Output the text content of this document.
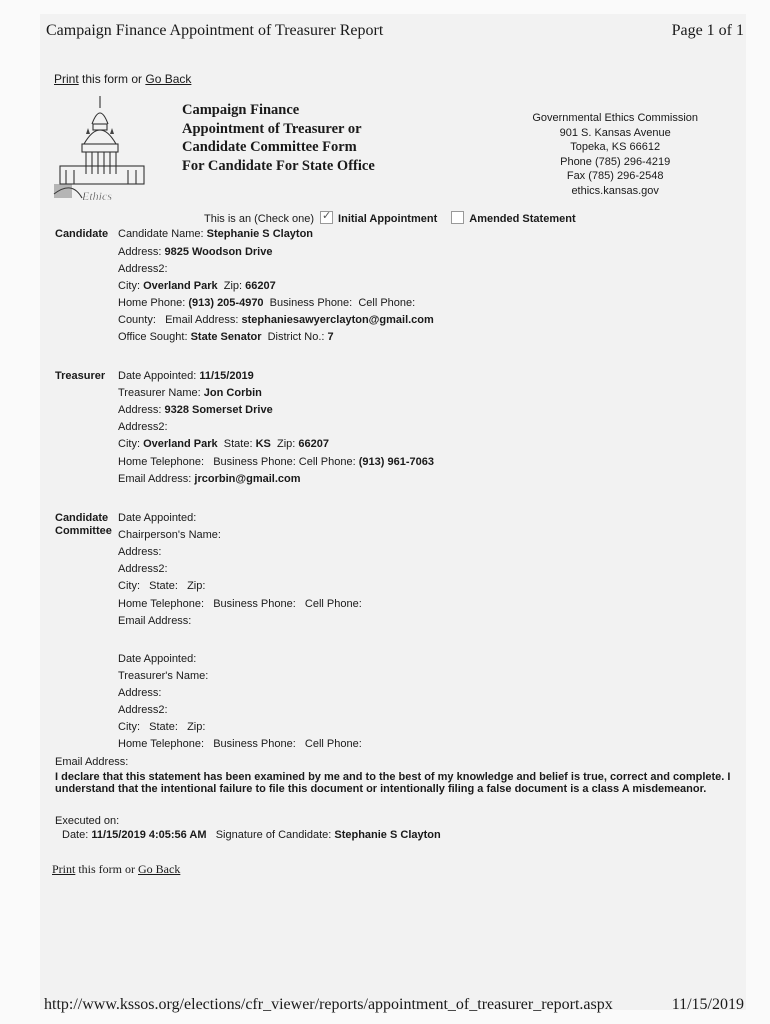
Campaign Finance Appointment of Treasurer Report	Page 1 of 1
Print this form or Go Back
Ethics
Campaign Finance
Appointment of Treasurer or
Candidate Committee Form
For Candidate For State Office
Governmental Ethics Commission
901 S. Kansas Avenue
Topeka, KS 66612
Phone (785) 296-4219
Fax (785) 296-2548
ethics.kansas.gov
This is an (Check one)✓ Initial Appointment	Amended Statement
Candidate Candidate Name: Stephanie S Clayton
Address: 9825 Woodson Drive
Address2:
City: Overland Park  Zip: 66207
Home Phone: (913) 205-4970  Business Phone:  Cell Phone:
County:   Email Address: stephaniesawyerclayton@gmail.com
Office Sought: State Senator  District No.: 7
Treasurer Date Appointed: 11/15/2019
Treasurer Name: Jon Corbin
Address: 9328 Somerset Drive
Address2:
City: Overland Park  State: KS  Zip: 66207
Home Telephone:   Business Phone: Cell Phone: (913) 961-7063
Email Address: jrcorbin@gmail.com
Candidate
Committee
Date Appointed:
Chairperson's Name:
Address:
Address2:
City:   State:   Zip:
Home Telephone:   Business Phone:   Cell Phone:
Email Address:
Date Appointed:
Treasurer's Name:
Address:
Address2:
City:   State:   Zip:
Home Telephone:   Business Phone:   Cell Phone:
Email Address:
I declare that this statement has been examined by me and to the best of my knowledge and belief is true, correct and complete. I understand that the intentional failure to file this document or intentionally filing a false document is a class A misdemeanor.
Executed on:
Date: 11/15/2019 4:05:56 AM   Signature of Candidate: Stephanie S Clayton
Print this form or Go Back
http://www.kssos.org/elections/cfr_viewer/reports/appointment_of_treasurer_report.aspx	11/15/2019
